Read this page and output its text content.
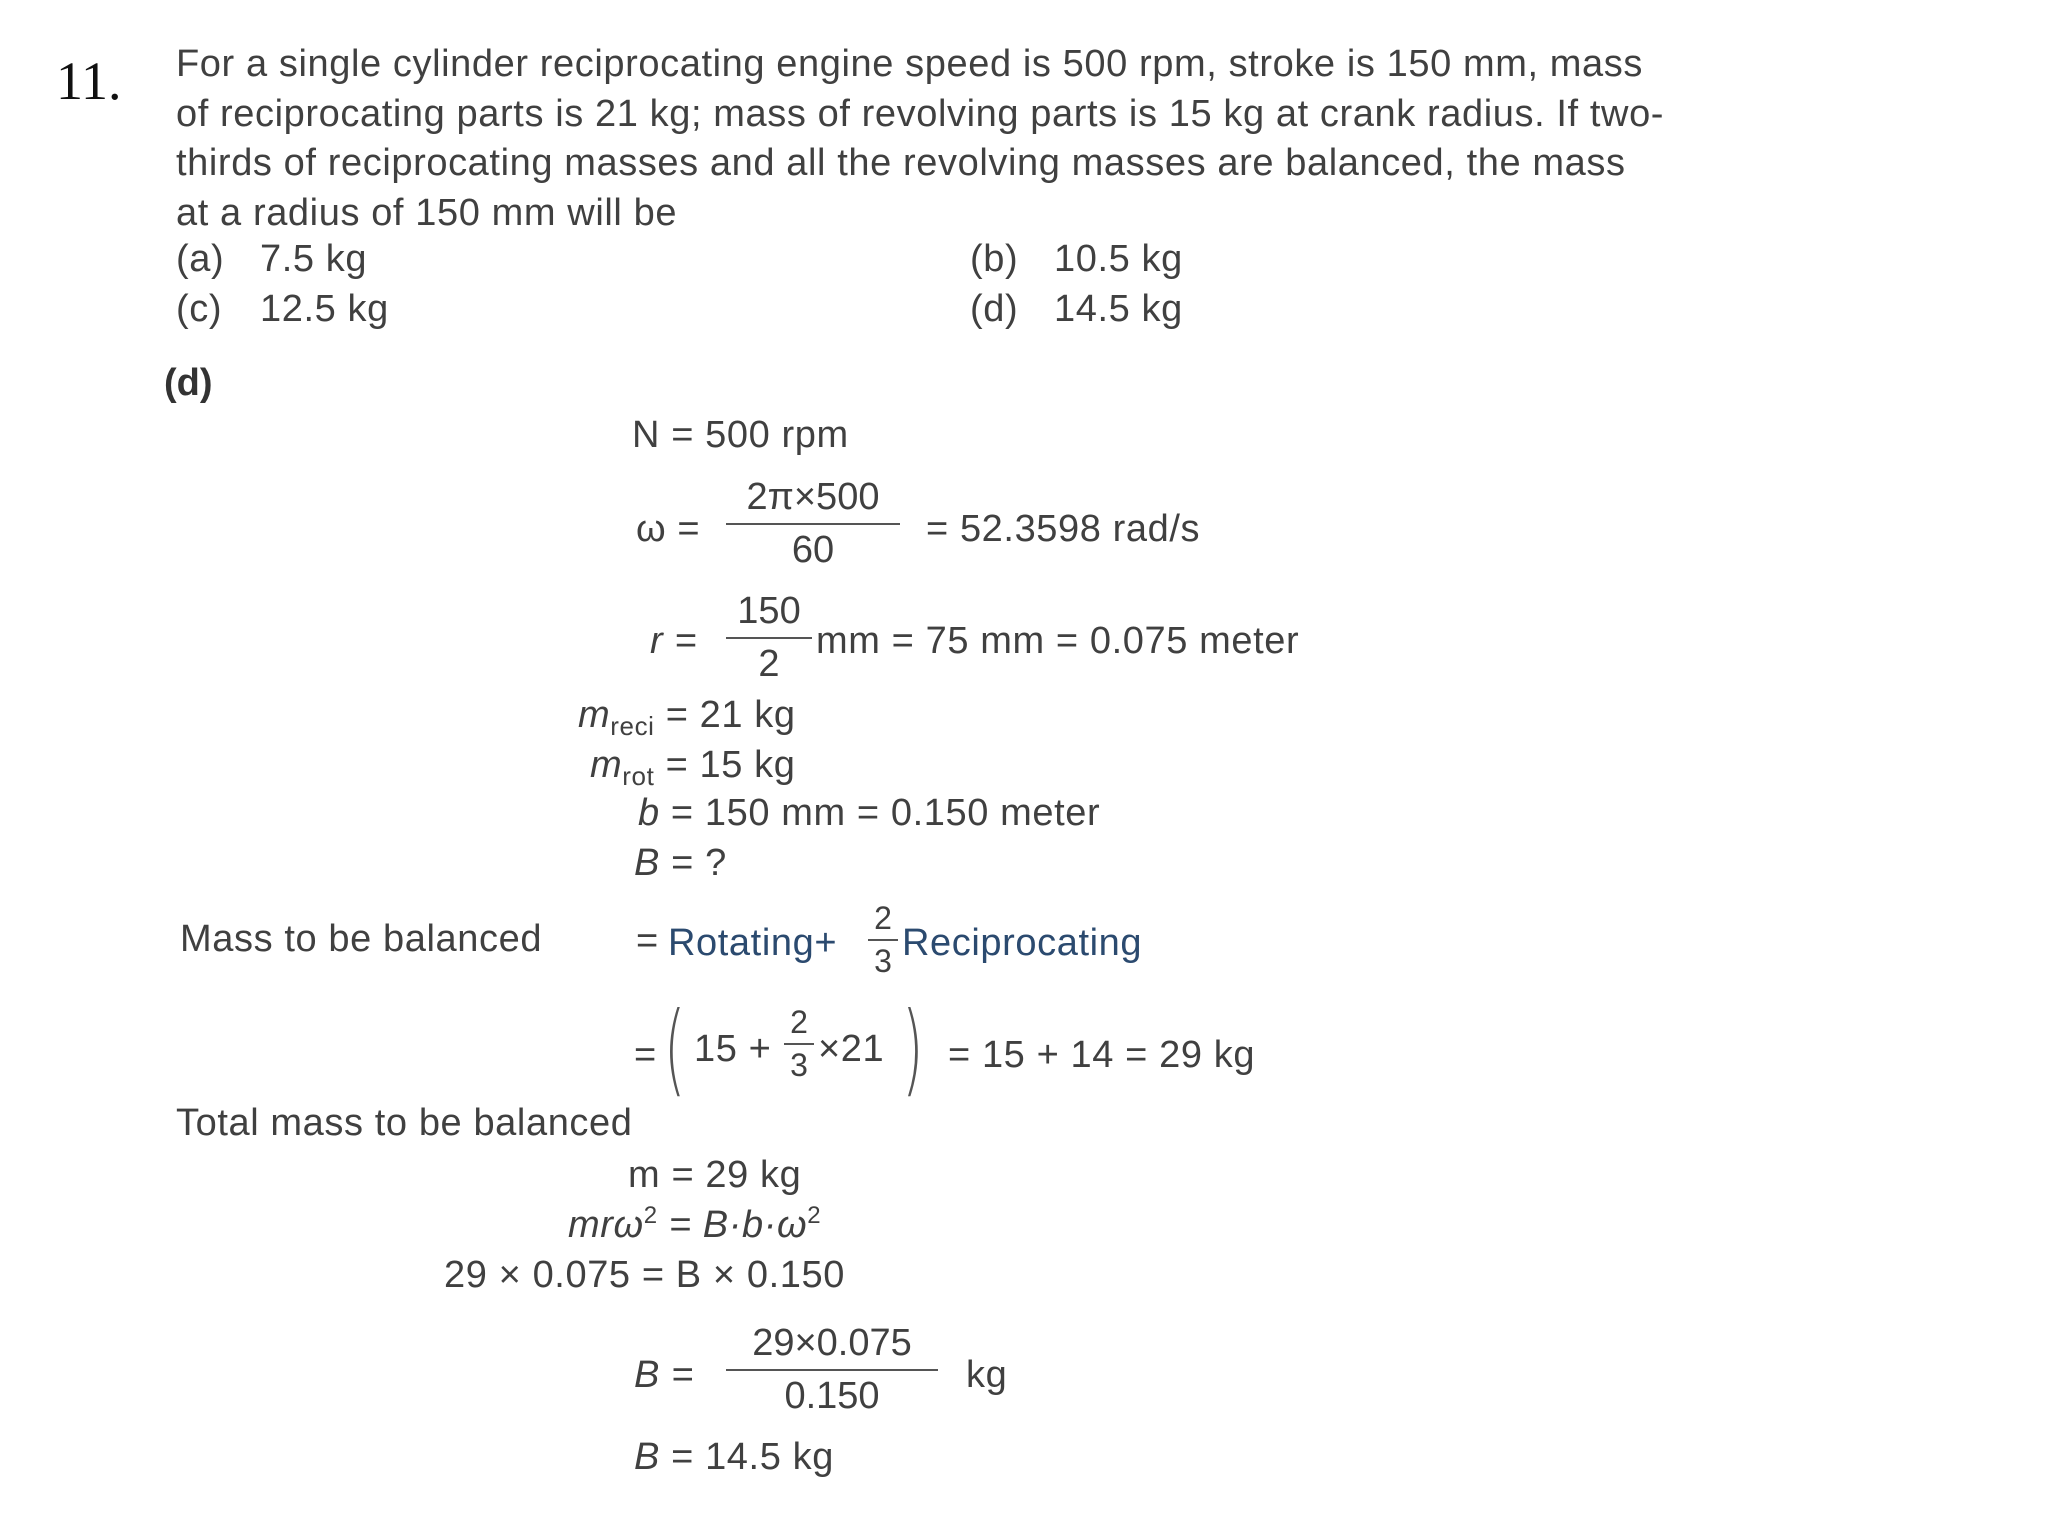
11. For a single cylinder reciprocating engine speed is 500 rpm, stroke is 150 mm, mass
of reciprocating parts is 21 kg; mass of revolving parts is 15 kg at crank radius. If two-
thirds of reciprocating masses and all the revolving masses are balanced, the mass
at a radius of 150 mm will be
(a) 7.5 kg	(b) 10.5 kg
(c) 12.5 kg	(d) 14.5 kg
(d)
N = 500 rpm
ω =
2π×500
60	= 52.3598 rad/s
r =
150
2
mm = 75 mm = 0.075 meter
$m_{reci} = 21$ kg
$m_{rot} = 15$ kg
b = 150 mm = 0.150 meter
B = ?
Mass to be balanced = Rotating+
2
3 Reciprocating
= ( 15 +
2
3 ×21 ) = 15 + 14 = 29 kg
Total mass to be balanced
m = 29 kg
$mr\omega^2 = B\cdot b\cdot\omega^2$
29 × 0.075 = B × 0.150
B =
29×0.075
0.150	kg
B = 14.5 kg
